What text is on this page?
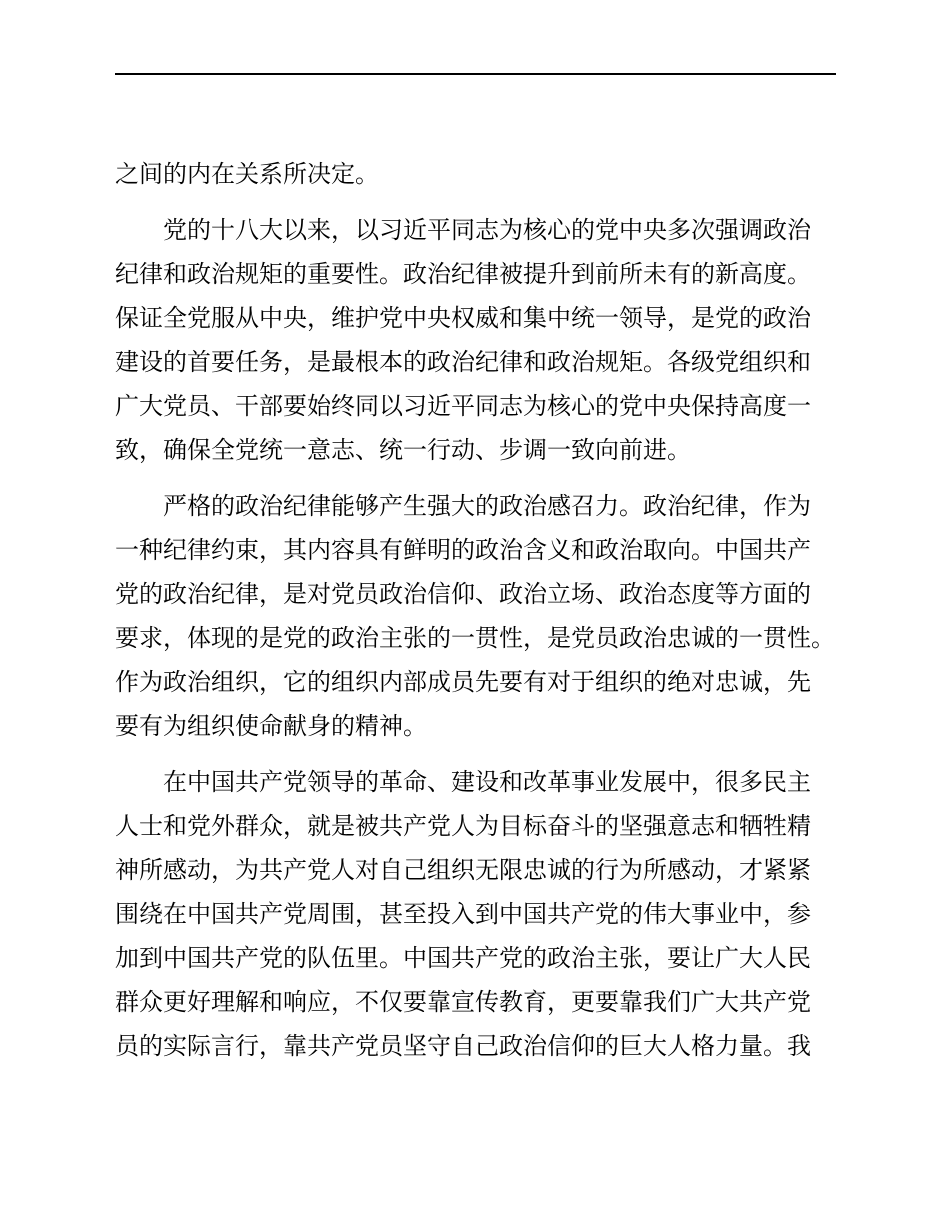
之间的内在关系所决定。
党的十八大以来，以习近平同志为核心的党中央多次强调政治
纪律和政治规矩的重要性。政治纪律被提升到前所未有的新高度。
保证全党服从中央，维护党中央权威和集中统一领导，是党的政治
建设的首要任务，是最根本的政治纪律和政治规矩。各级党组织和
广大党员、干部要始终同以习近平同志为核心的党中央保持高度一
致，确保全党统一意志、统一行动、步调一致向前进。
严格的政治纪律能够产生强大的政治感召力。政治纪律，作为
一种纪律约束，其内容具有鲜明的政治含义和政治取向。中国共产
党的政治纪律，是对党员政治信仰、政治立场、政治态度等方面的
要求，体现的是党的政治主张的一贯性，是党员政治忠诚的一贯性。
作为政治组织，它的组织内部成员先要有对于组织的绝对忠诚，先
要有为组织使命献身的精神。
在中国共产党领导的革命、建设和改革事业发展中，很多民主
人士和党外群众，就是被共产党人为目标奋斗的坚强意志和牺牲精
神所感动，为共产党人对自己组织无限忠诚的行为所感动，才紧紧
围绕在中国共产党周围，甚至投入到中国共产党的伟大事业中，参
加到中国共产党的队伍里。中国共产党的政治主张，要让广大人民
群众更好理解和响应，不仅要靠宣传教育，更要靠我们广大共产党
员的实际言行，靠共产党员坚守自己政治信仰的巨大人格力量。我
